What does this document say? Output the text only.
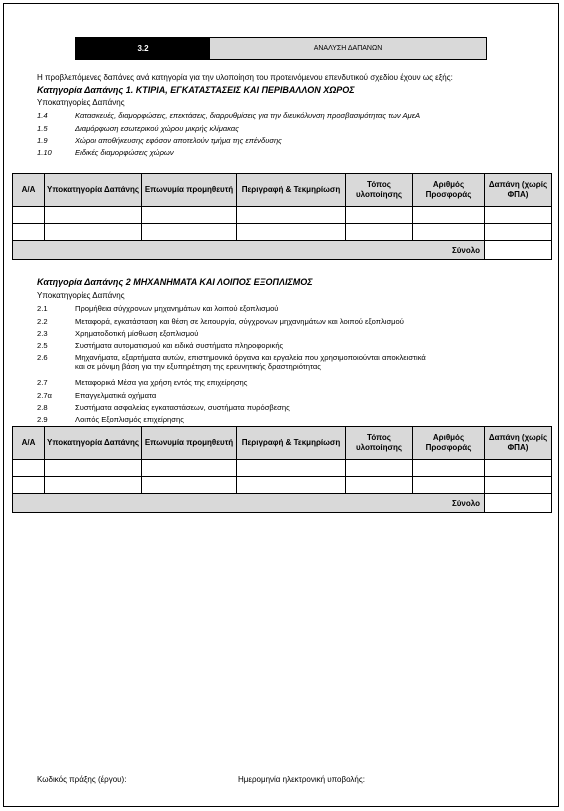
3.2	ΑΝΑΛΥΣΗ ΔΑΠΑΝΩΝ
Η προβλεπόμενες δαπάνες ανά κατηγορία για την υλοποίηση του προτεινόμενου επενδυτικού σχεδίου έχουν ως εξής:
Κατηγορία Δαπάνης 1. ΚΤΙΡΙΑ, ΕΓΚΑΤΑΣΤΑΣΕΙΣ ΚΑΙ ΠΕΡΙΒΑΛΛΟΝ ΧΩΡΟΣ
Υποκατηγορίες Δαπάνης
1.4	Κατασκευές, διαμορφώσεις, επεκτάσεις, διαρρυθμίσεις για την διευκόλυνση προσβασιμότητας των ΑμεΑ
1.5	Διαμόρφωση εσωτερικού χώρου μικρής κλίμακας
1.9	Χώροι αποθήκευσης εφόσον αποτελούν τμήμα της επένδυσης
1.10	Ειδικές διαμορφώσεις χώρων
Α/Α	Υποκατηγορία Δαπάνης	Επωνυμία προμηθευτή	Περιγραφή & Τεκμηρίωση	Τόπος υλοποίησης	Αριθμός Προσφοράς	Δαπάνη (χωρίς ΦΠΑ)

Σύνολο						
Κατηγορία Δαπάνης 2 ΜΗΧΑΝΗΜΑΤΑ ΚΑΙ ΛΟΙΠΟΣ ΕΞΟΠΛΙΣΜΟΣ
Υποκατηγορίες Δαπάνης
2.1	Προμήθεια σύγχρονων μηχανημάτων και λοιπού εξοπλισμού
2.2	Μεταφορά, εγκατάσταση και θέση σε λειτουργία, σύγχρονων μηχανημάτων και λοιπού εξοπλισμού
2.3	Χρηματοδοτική μίσθωση εξοπλισμού
2.5	Συστήματα αυτοματισμού και ειδικά συστήματα πληροφορικής
2.6	Μηχανήματα, εξαρτήματα αυτών, επιστημονικά όργανα και εργαλεία που χρησιμοποιούνται αποκλειστικά
και σε μόνιμη βάση για την εξυπηρέτηση της ερευνητικής δραστηριότητας
2.7	Μεταφορικά Μέσα για χρήση εντός της επιχείρησης
2.7α	Επαγγελματικά οχήματα
2.8	Συστήματα ασφαλείας εγκαταστάσεων, συστήματα πυρόσβεσης
2.9	Λοιπός Εξοπλισμός επιχείρησης
Α/Α	Υποκατηγορία Δαπάνης	Επωνυμία προμηθευτή	Περιγραφή & Τεκμηρίωση	Τόπος υλοποίησης	Αριθμός Προσφοράς	Δαπάνη (χωρίς ΦΠΑ)

Σύνολο						
Κωδικός πράξης (έργου):	Ημερομηνία ηλεκτρονική υποβολής:
